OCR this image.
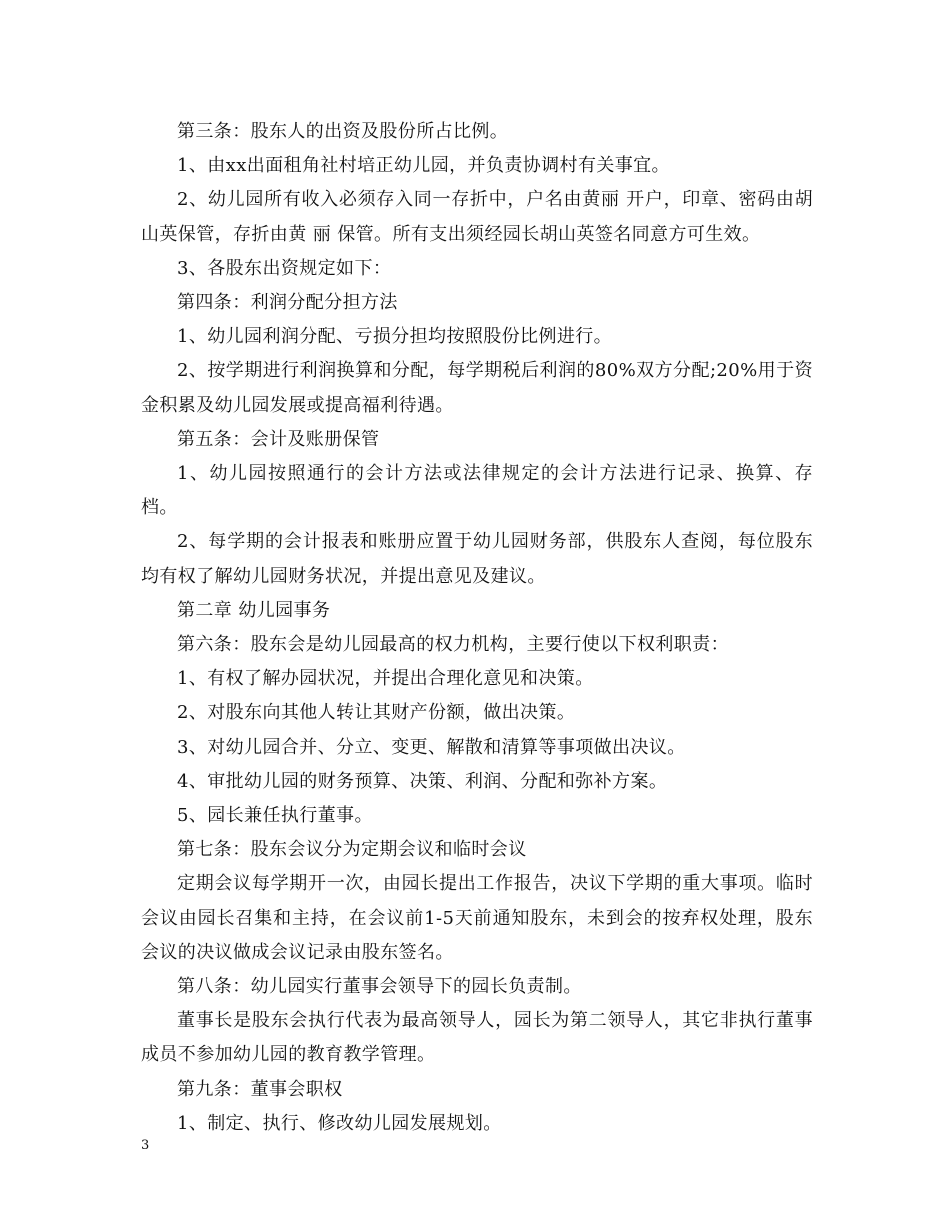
第三条：股东人的出资及股份所占比例。

1、由xx出面租角社村培正幼儿园，并负责协调村有关事宜。

2、幼儿园所有收入必须存入同一存折中，户名由黄丽 开户，印章、密码由胡山英保管，存折由黄 丽 保管。所有支出须经园长胡山英签名同意方可生效。

3、各股东出资规定如下：

第四条：利润分配分担方法

1、幼儿园利润分配、亏损分担均按照股份比例进行。

2、按学期进行利润换算和分配，每学期税后利润的80%双方分配;20%用于资金积累及幼儿园发展或提高福利待遇。

第五条：会计及账册保管

1、幼儿园按照通行的会计方法或法律规定的会计方法进行记录、换算、存档。

2、每学期的会计报表和账册应置于幼儿园财务部，供股东人查阅，每位股东均有权了解幼儿园财务状况，并提出意见及建议。

第二章 幼儿园事务

第六条：股东会是幼儿园最高的权力机构，主要行使以下权利职责：

1、有权了解办园状况，并提出合理化意见和决策。

2、对股东向其他人转让其财产份额，做出决策。

3、对幼儿园合并、分立、变更、解散和清算等事项做出决议。

4、审批幼儿园的财务预算、决策、利润、分配和弥补方案。

5、园长兼任执行董事。

第七条：股东会议分为定期会议和临时会议

定期会议每学期开一次，由园长提出工作报告，决议下学期的重大事项。临时会议由园长召集和主持，在会议前1-5天前通知股东，未到会的按弃权处理，股东会议的决议做成会议记录由股东签名。

第八条：幼儿园实行董事会领导下的园长负责制。

董事长是股东会执行代表为最高领导人，园长为第二领导人，其它非执行董事成员不参加幼儿园的教育教学管理。

第九条：董事会职权

1、制定、执行、修改幼儿园发展规划。

3
